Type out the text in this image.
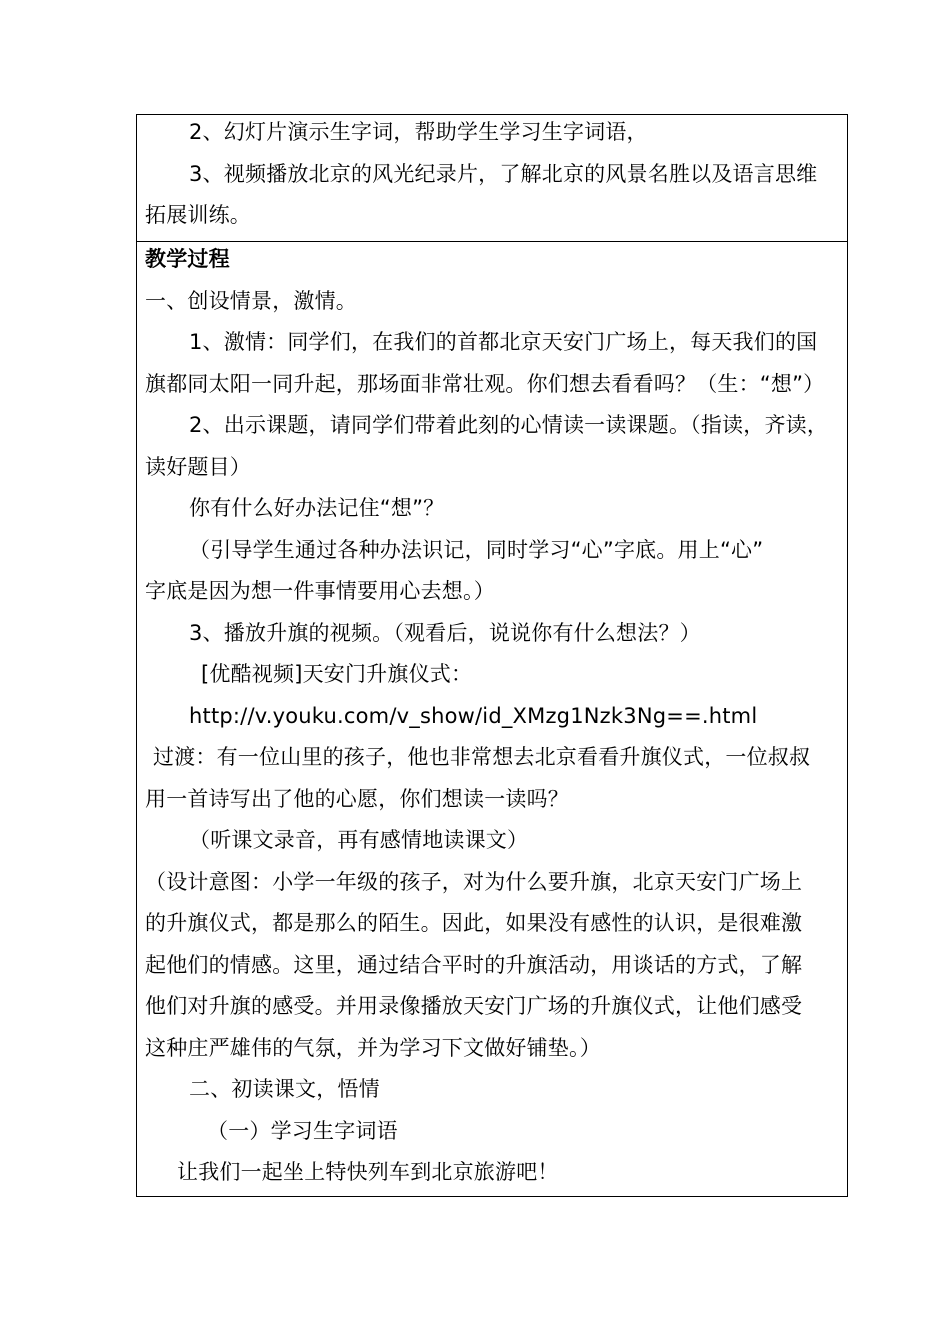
2、幻灯片演示生字词，帮助学生学习生字词语，
3、视频播放北京的风光纪录片，了解北京的风景名胜以及语言思维
拓展训练。
教学过程
一、创设情景，激情。
1、激情：同学们，在我们的首都北京天安门广场上，每天我们的国
旗都同太阳一同升起，那场面非常壮观。你们想去看看吗？（生：“想”）
2、出示课题，请同学们带着此刻的心情读一读课题。（指读，齐读，
读好题目）
你有什么好办法记住“想”？
（引导学生通过各种办法识记，同时学习“心”字底。用上“心”
字底是因为想一件事情要用心去想。）
3、播放升旗的视频。（观看后，说说你有什么想法？）
[优酷视频]天安门升旗仪式：
http://v.youku.com/v_show/id_XMzg1Nzk3Ng==.html
过渡：有一位山里的孩子，他也非常想去北京看看升旗仪式，一位叔叔
用一首诗写出了他的心愿，你们想读一读吗？
（听课文录音，再有感情地读课文）
（设计意图：小学一年级的孩子，对为什么要升旗，北京天安门广场上
的升旗仪式，都是那么的陌生。因此，如果没有感性的认识，是很难激
起他们的情感。这里，通过结合平时的升旗活动，用谈话的方式，了解
他们对升旗的感受。并用录像播放天安门广场的升旗仪式，让他们感受
这种庄严雄伟的气氛，并为学习下文做好铺垫。）
二、初读课文，悟情
（一）学习生字词语
让我们一起坐上特快列车到北京旅游吧！
